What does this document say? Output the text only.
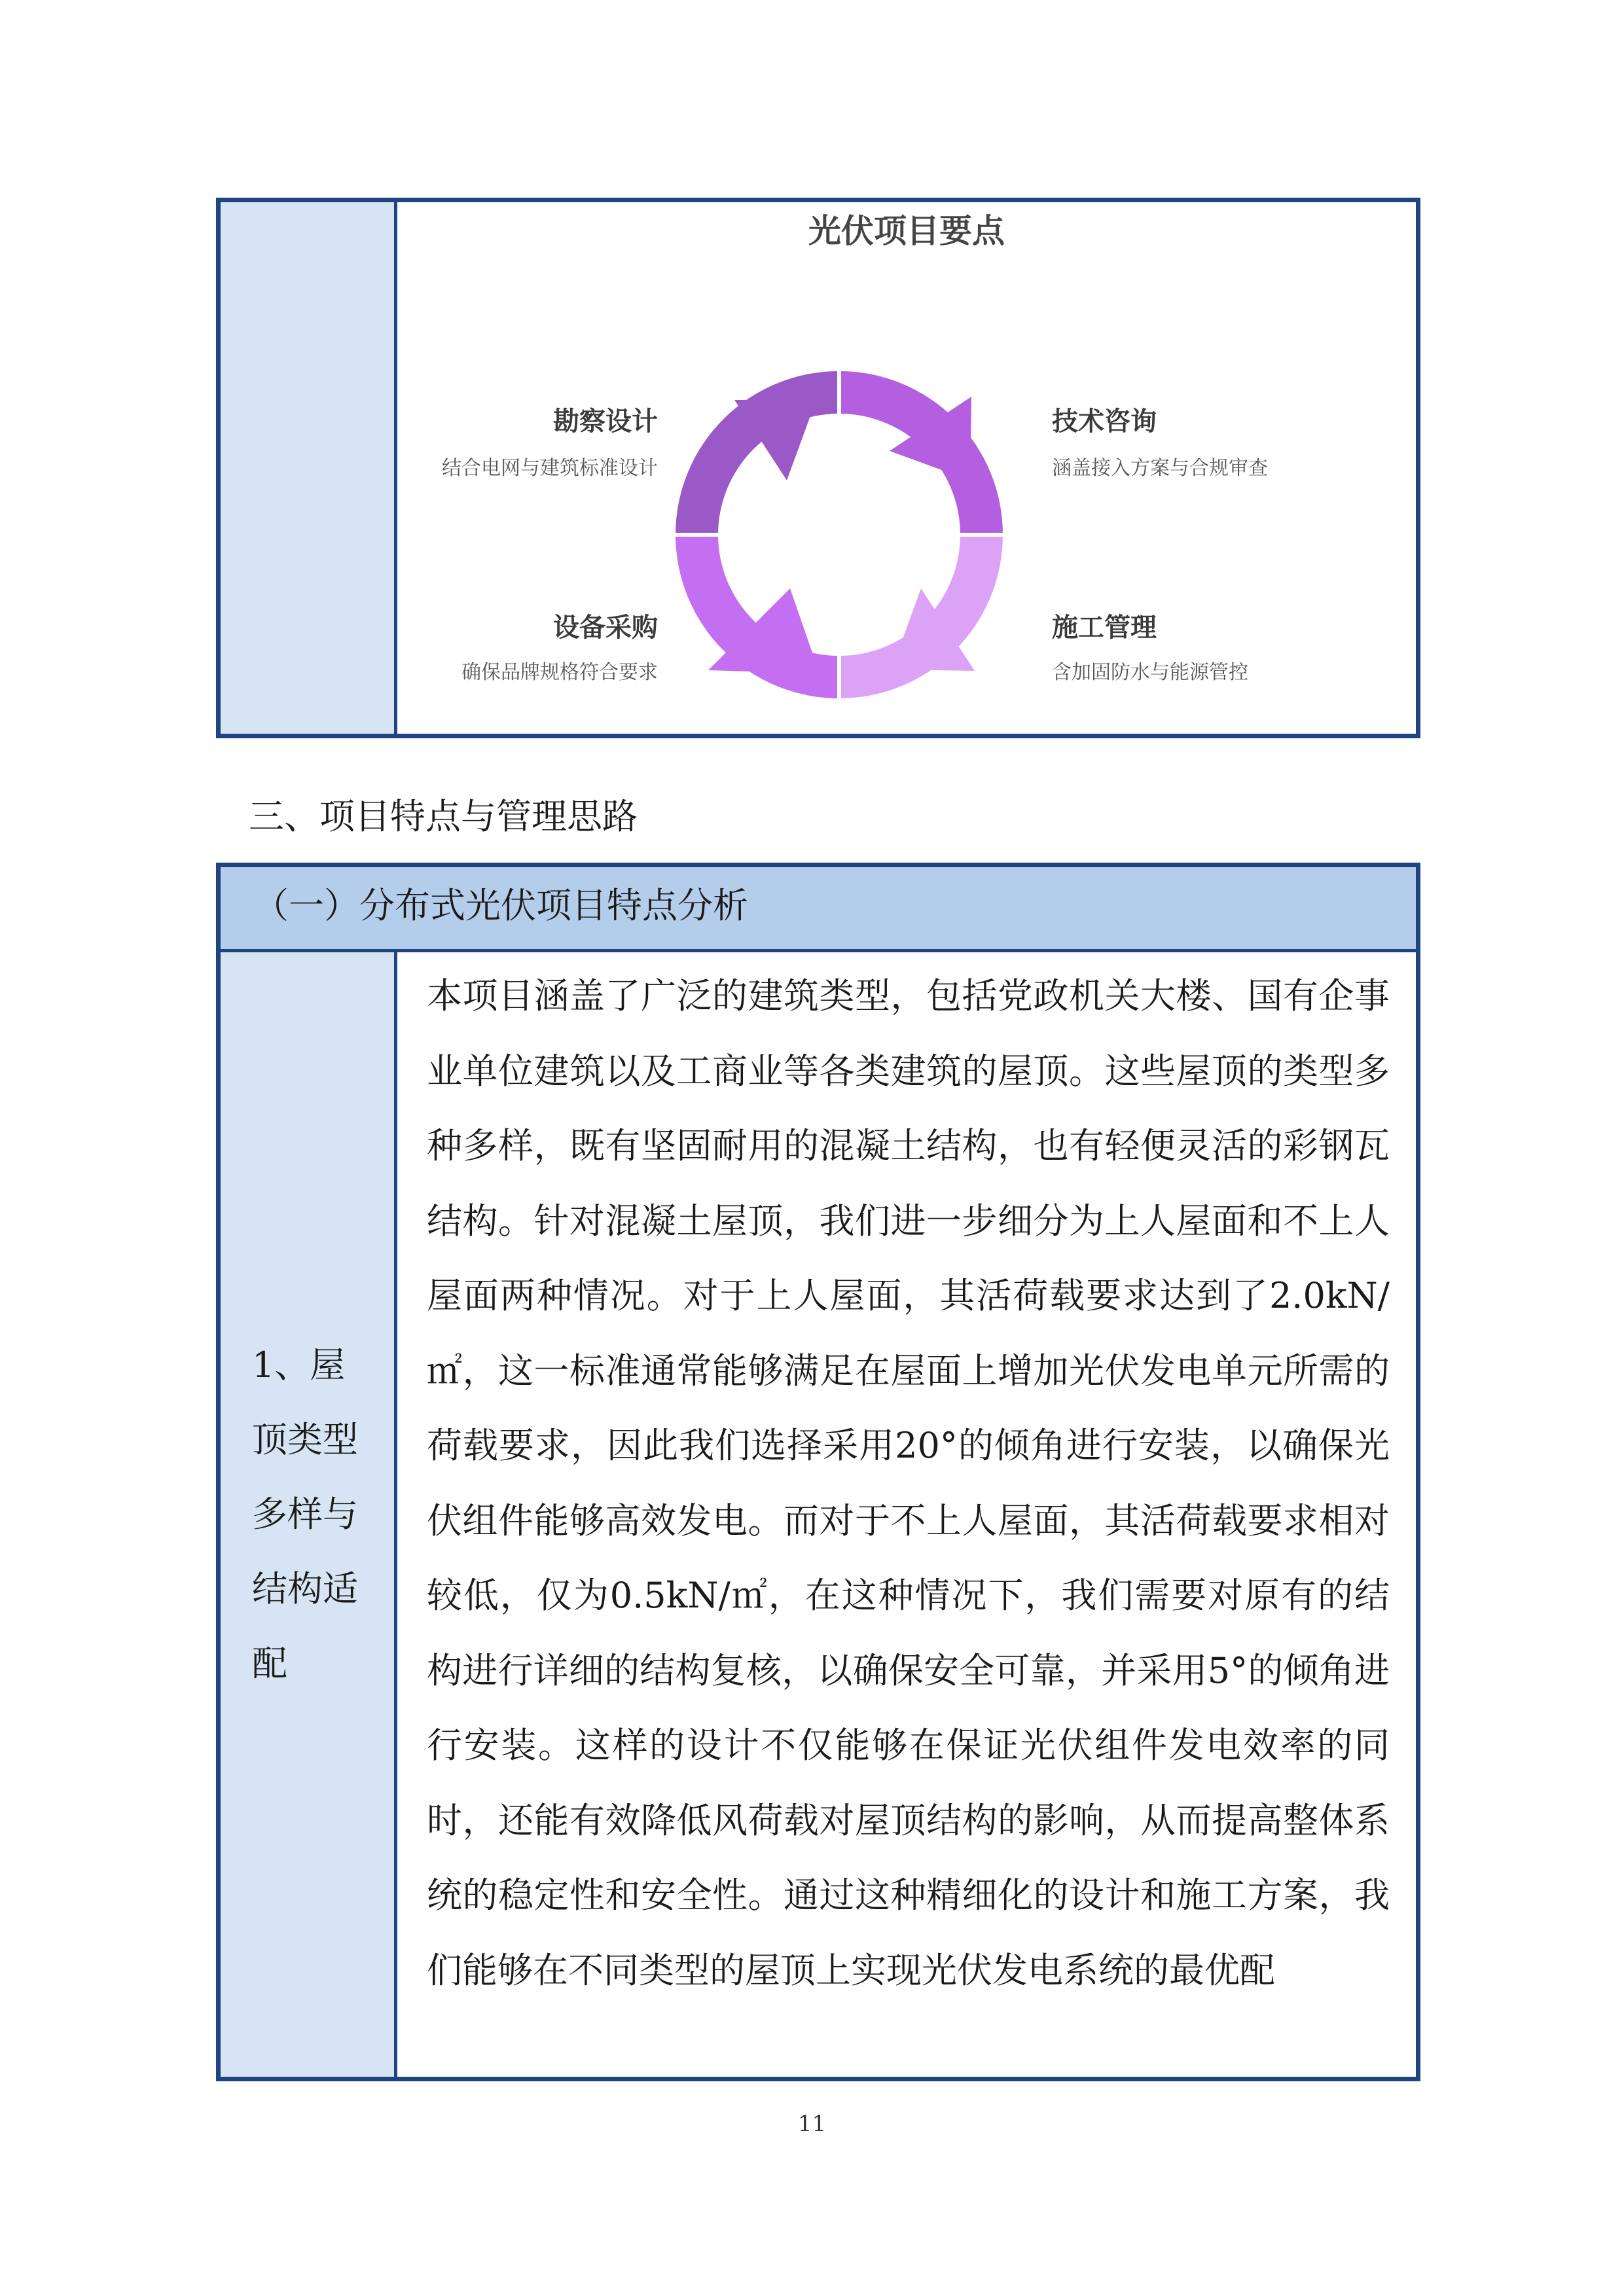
光伏项目要点
勘察设计
结合电网与建筑标准设计
技术咨询
涵盖接入方案与合规审查
设备采购
确保品牌规格符合要求
施工管理
含加固防水与能源管控
三、项目特点与管理思路
（一）分布式光伏项目特点分析
1、屋顶类型多样与结构适配
本项目涵盖了广泛的建筑类型，包括党政机关大楼、国有企事业单位建筑以及工商业等各类建筑的屋顶。这些屋顶的类型多种多样，既有坚固耐用的混凝土结构，也有轻便灵活的彩钢瓦结构。针对混凝土屋顶，我们进一步细分为上人屋面和不上人屋面两种情况。对于上人屋面，其活荷载要求达到了2.0kN/㎡，这一标准通常能够满足在屋面上增加光伏发电单元所需的荷载要求，因此我们选择采用20°的倾角进行安装，以确保光伏组件能够高效发电。而对于不上人屋面，其活荷载要求相对较低，仅为0.5kN/㎡，在这种情况下，我们需要对原有的结构进行详细的结构复核，以确保安全可靠，并采用5°的倾角进行安装。这样的设计不仅能够在保证光伏组件发电效率的同时，还能有效降低风荷载对屋顶结构的影响，从而提高整体系统的稳定性和安全性。通过这种精细化的设计和施工方案，我们能够在不同类型的屋顶上实现光伏发电系统的最优配
11
